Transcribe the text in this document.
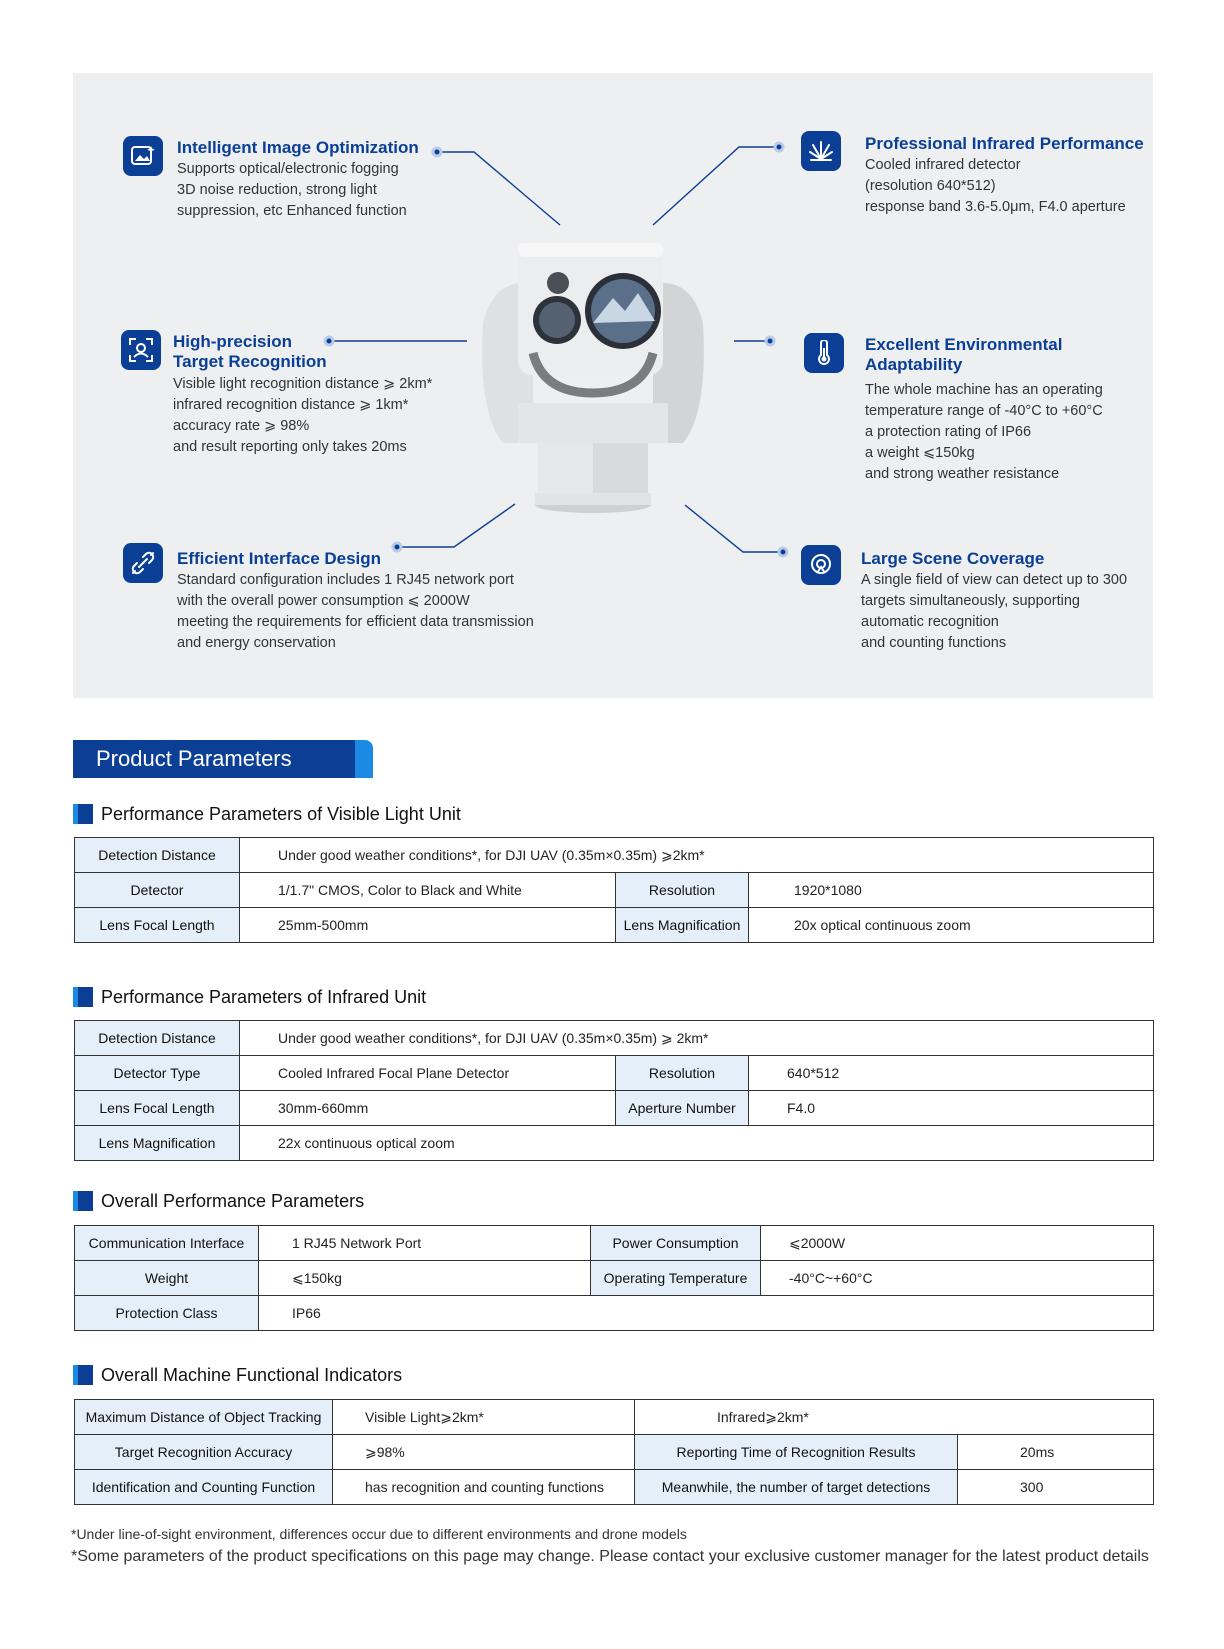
Intelligent Image Optimization
Supports optical/electronic fogging
3D noise reduction, strong light
suppression, etc Enhanced function
Professional Infrared Performance
Cooled infrared detector
(resolution 640*512)
response band 3.6-5.0μm, F4.0 aperture
High-precision
Target Recognition
Visible light recognition distance ⩾ 2km*
infrared recognition distance ⩾ 1km*
accuracy rate ⩾ 98%
and result reporting only takes 20ms
Excellent Environmental
Adaptability
The whole machine has an operating
temperature range of -40°C to +60°C
a protection rating of IP66
a weight ⩽150kg
and strong weather resistance
Efficient Interface Design
Standard configuration includes 1 RJ45 network port
with the overall power consumption ⩽ 2000W
meeting the requirements for efficient data transmission
and energy conservation
Large Scene Coverage
A single field of view can detect up to 300
targets simultaneously, supporting
automatic recognition
and counting functions
Product Parameters
Performance Parameters of Visible Light Unit
Detection Distance	Under good weather conditions*, for DJI UAV (0.35m×0.35m) ⩾2km*		
Detector	1/1.7" CMOS, Color to Black and White	Resolution	1920*1080
Lens Focal Length	25mm-500mm	Lens Magnification	20x optical continuous zoom
Performance Parameters of Infrared Unit
Detection Distance	Under good weather conditions*, for DJI UAV (0.35m×0.35m) ⩾ 2km*		
Detector Type	Cooled Infrared Focal Plane Detector	Resolution	640*512
Lens Focal Length	30mm-660mm	Aperture Number	F4.0
Lens Magnification	22x continuous optical zoom		
Overall Performance Parameters
Communication Interface	1 RJ45 Network Port	Power Consumption	⩽2000W
Weight	⩽150kg	Operating Temperature	-40°C~+60°C
Protection Class	IP66		
Overall Machine Functional Indicators
Maximum Distance of Object Tracking	Visible Light⩾2km*	Infrared⩾2km*	
Target Recognition Accuracy	⩾98%	Reporting Time of Recognition Results	20ms
Identification and Counting Function	has recognition and counting functions	Meanwhile, the number of target detections	300
*Under line-of-sight environment, differences occur due to different environments and drone models
*Some parameters of the product specifications on this page may change. Please contact your exclusive customer manager for the latest product details
